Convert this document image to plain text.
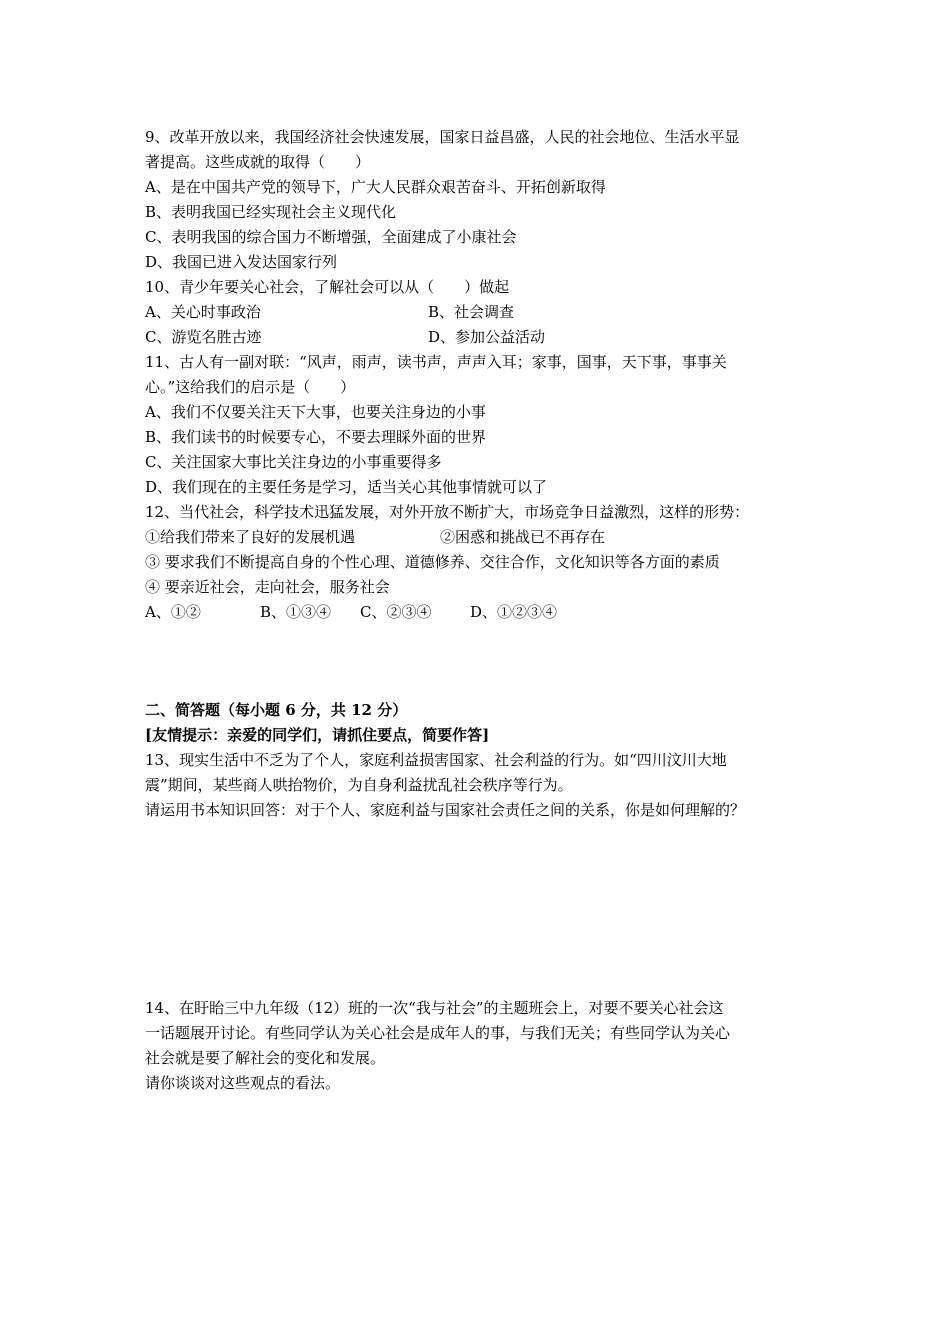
9、改革开放以来，我国经济社会快速发展，国家日益昌盛，人民的社会地位、生活水平显
著提高。这些成就的取得（　　）
A、是在中国共产党的领导下，广大人民群众艰苦奋斗、开拓创新取得
B、表明我国已经实现社会主义现代化
C、表明我国的综合国力不断增强，全面建成了小康社会
D、我国已进入发达国家行列
10、青少年要关心社会，了解社会可以从（　　）做起
A、关心时事政治	B、社会调查
C、游览名胜古迹	D、参加公益活动
11、古人有一副对联：“风声，雨声，读书声，声声入耳；家事，国事，天下事，事事关
心。”这给我们的启示是（　　）
A、我们不仅要关注天下大事，也要关注身边的小事
B、我们读书的时候要专心，不要去理睬外面的世界
C、关注国家大事比关注身边的小事重要得多
D、我们现在的主要任务是学习，适当关心其他事情就可以了
12、当代社会，科学技术迅猛发展，对外开放不断扩大，市场竞争日益激烈，这样的形势：
①给我们带来了良好的发展机遇	②困惑和挑战已不再存在
③ 要求我们不断提高自身的个性心理、道德修养、交往合作，文化知识等各方面的素质
④ 要亲近社会，走向社会，服务社会
A、①②	B、①③④ C、②③④	D、①②③④
二、简答题（每小题 6 分，共 12 分）
[友情提示：亲爱的同学们，请抓住要点，简要作答]
13、现实生活中不乏为了个人，家庭利益损害国家、社会利益的行为。如“四川汶川大地
震”期间，某些商人哄抬物价，为自身利益扰乱社会秩序等行为。
请运用书本知识回答：对于个人、家庭利益与国家社会责任之间的关系，你是如何理解的？
14、在盱眙三中九年级（12）班的一次“我与社会”的主题班会上，对要不要关心社会这
一话题展开讨论。有些同学认为关心社会是成年人的事，与我们无关；有些同学认为关心
社会就是要了解社会的变化和发展。
请你谈谈对这些观点的看法。
